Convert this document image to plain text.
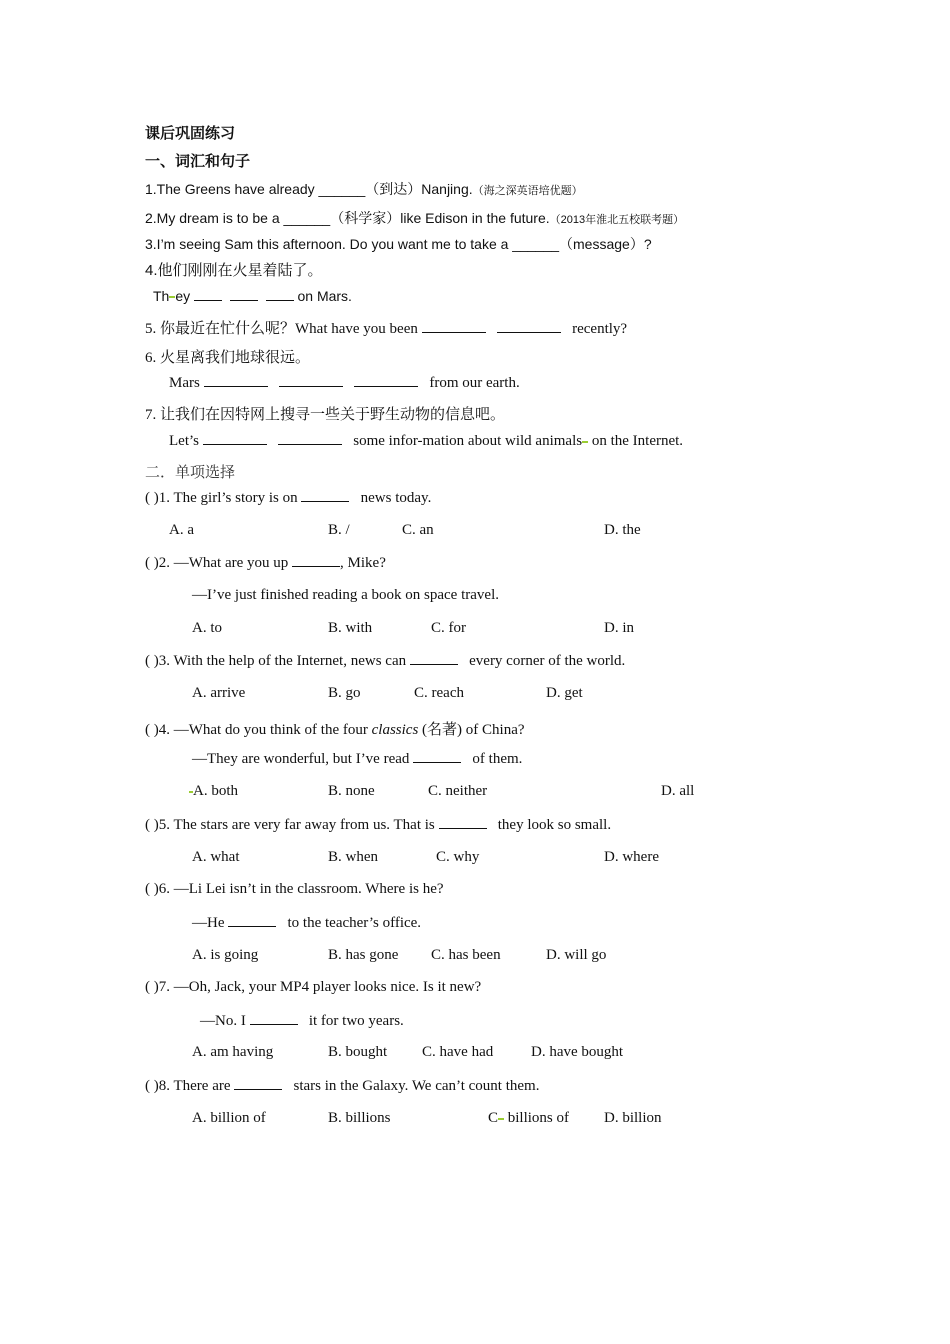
课后巩固练习
一、词汇和句子
1.The Greens have already ______（到达）Nanjing.（海之深英语培优题）
2.My dream is to be a ______（科学家）like Edison in the future.（2013年淮北五校联考题）
3.I’m seeing Sam this afternoon. Do you want me to take a ______（message）?
4.他们刚刚在火星着陆了。
Th ey	on Mars.
5. 你最近在忙什么呢？What have you been	recently?
6. 火星离我们地球很远。
Mars	from our earth.
7. 让我们在因特网上搜寻一些关于野生动物的信息吧。
Let’s	some infor-mation about wild animals on the Internet.
二．单项选择
( )1. The girl’s story is on	news today.
A. a	B. /	C. an	D. the
( )2. —What are you up	, Mike?
—I’ve just finished reading a book on space travel.
A. to	B. with	C. for	D. in
( )3. With the help of the Internet, news can	every corner of the world.
A. arrive	B. go	C. reach	D. get
( )4. —What do you think of the four classics (名著) of China?
—They are wonderful, but I’ve read	of them.
A. both	B. none	C. neither	D. all
( )5. The stars are very far away from us. That is	they look so small.
A. what	B. when	C. why	D. where
( )6. —Li Lei isn’t in the classroom. Where is he?
—He	to the teacher’s office.
A. is going	B. has gone C. has been	D. will go
( )7. —Oh, Jack, your MP4 player looks nice. Is it new?
—No. I	it for two years.
A. am having	B. bought C. have had	D. have bought
( )8. There are	stars in the Galaxy. We can’t count them.
A. billion of	B. billions	C billions of D. billion
